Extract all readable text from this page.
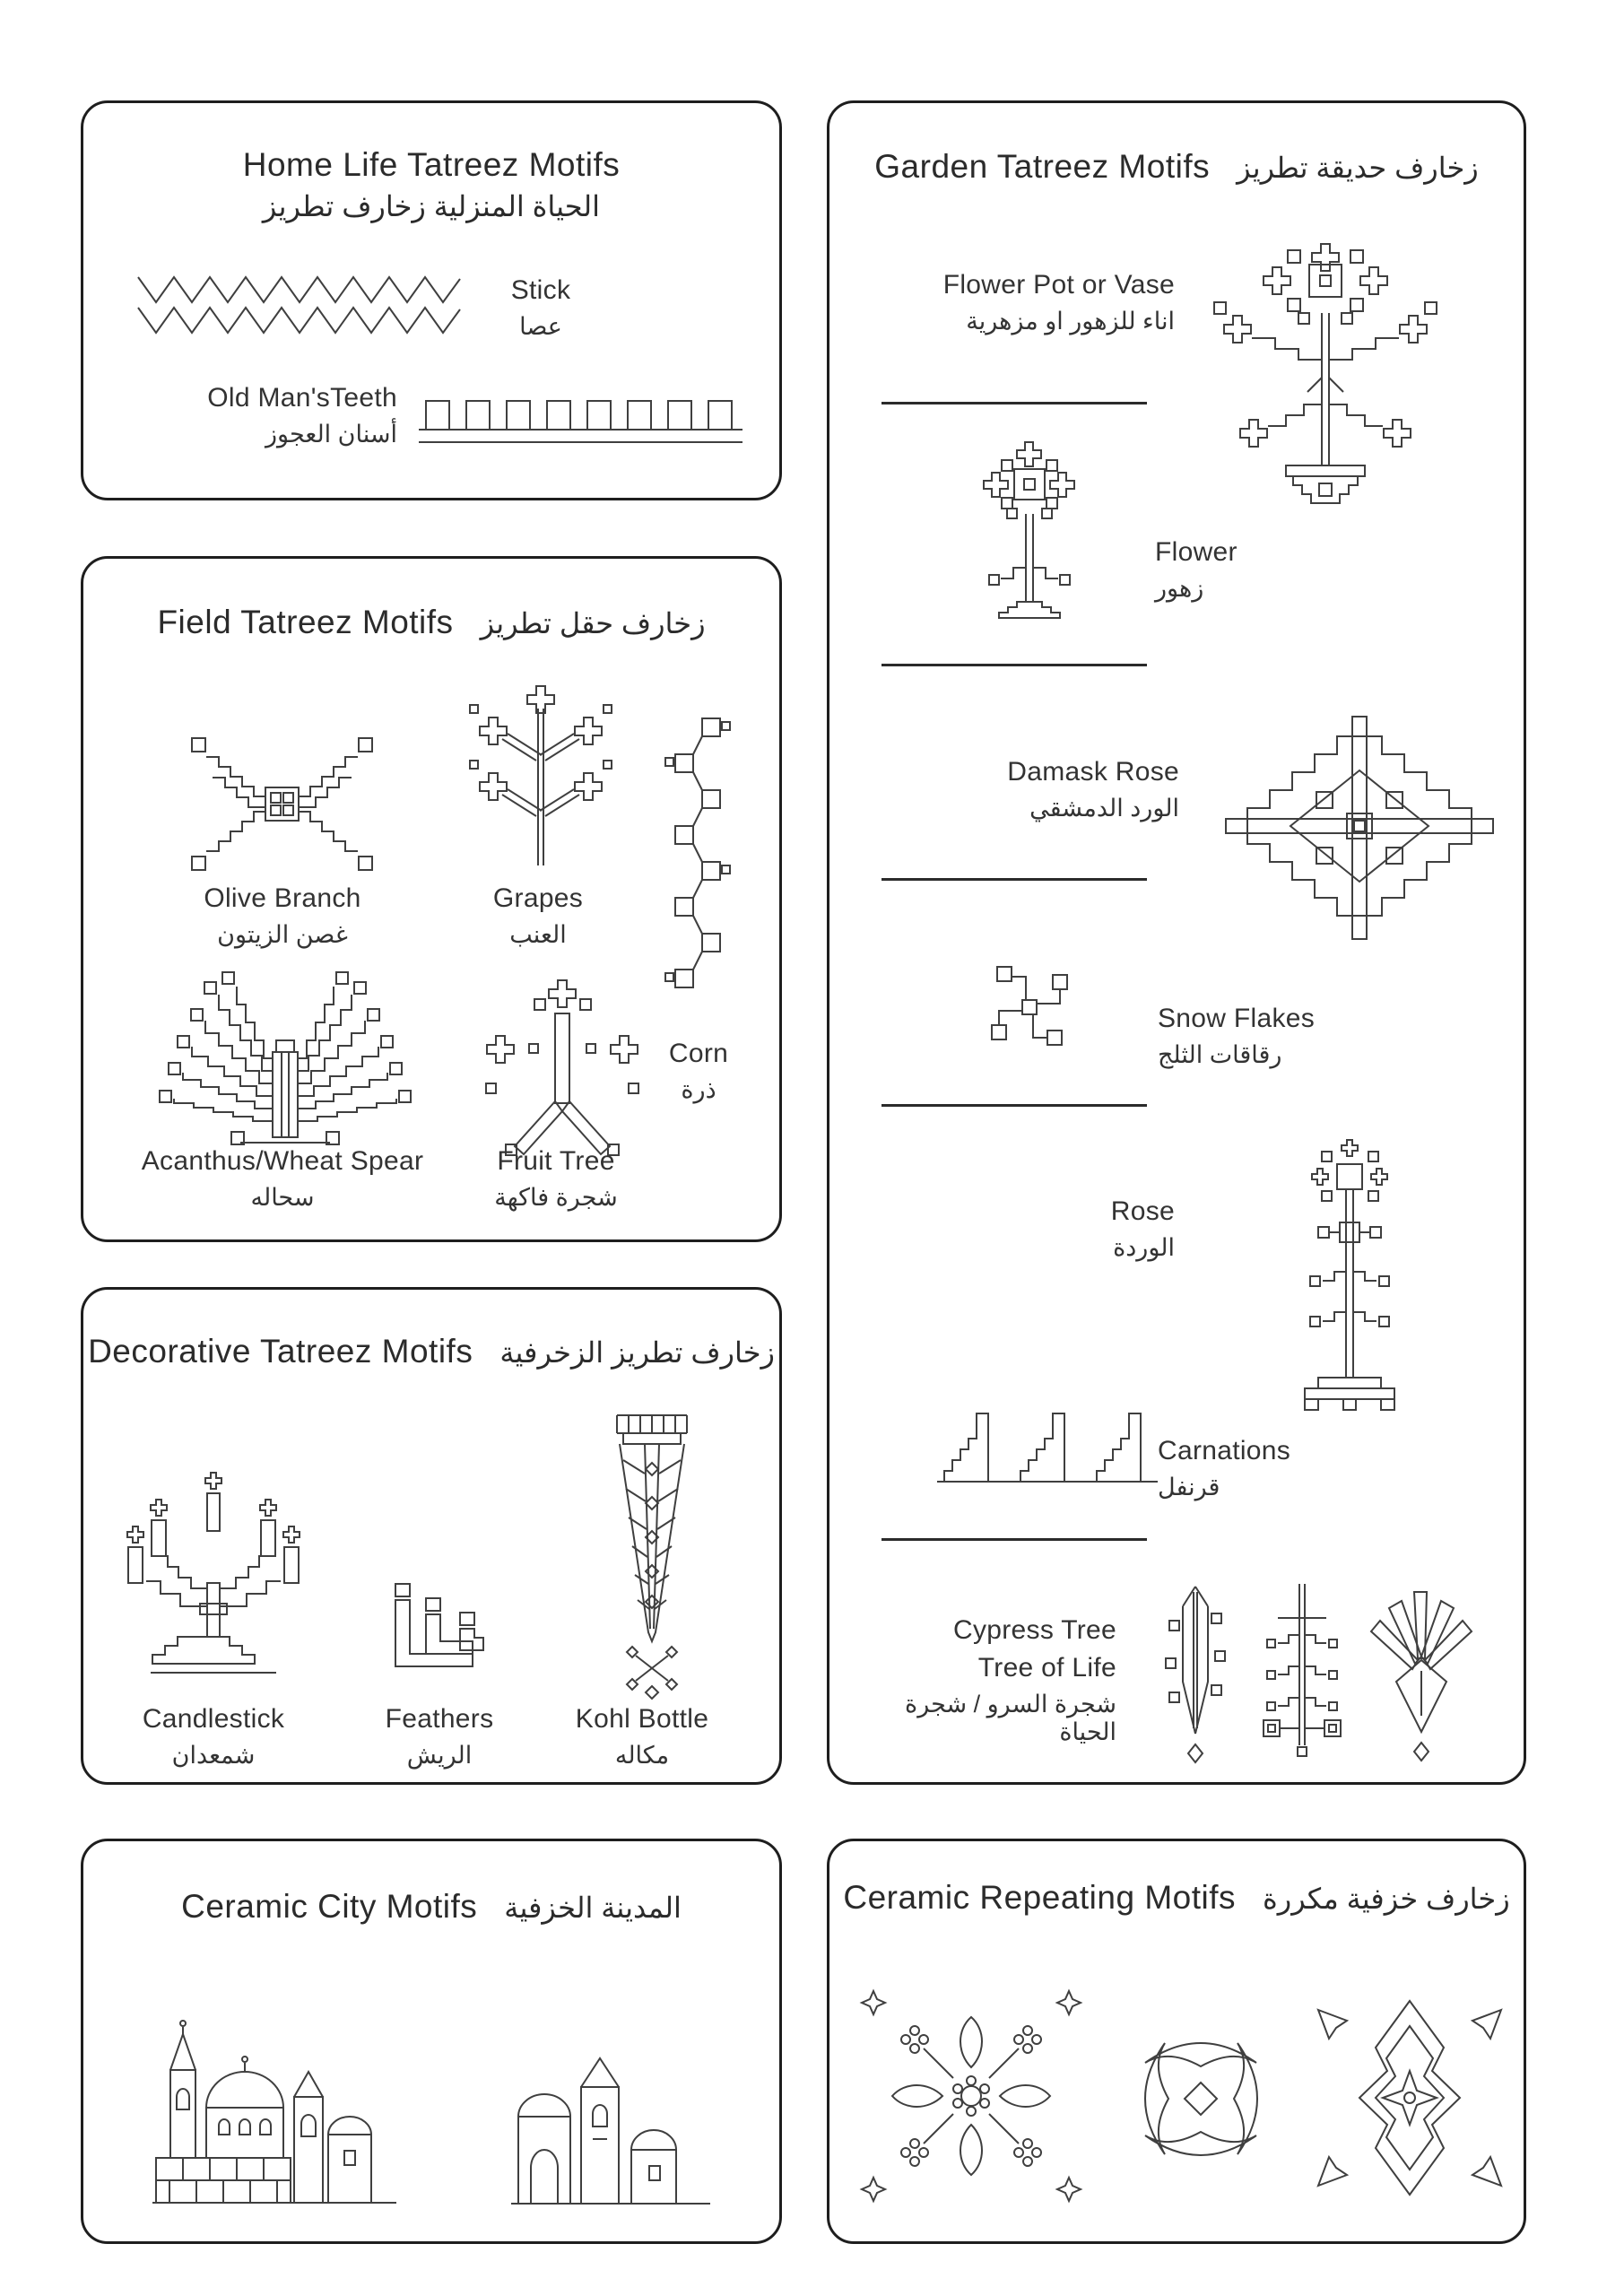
Home Life Tatreez Motifs
الحياة المنزلية زخارف تطريز
Stick
عصا
Old Man'sTeeth
أسنان العجوز
Field Tatreez Motifs زخارف حقل تطريز
Olive Branch
غصن الزيتون
Grapes
العنب
Corn
ذرة
Acanthus/Wheat Spear
سحاله
Fruit Tree
شجرة فاكهة
Decorative Tatreez Motifs زخارف تطريز الزخرفية
Candlestick
شمعدان
Feathers
الريش
Kohl Bottle
مكاله
Ceramic City Motifs المدينة الخزفية
Garden Tatreez Motifs زخارف حديقة تطريز
Flower Pot or Vase
اناء للزهور او مزهرية
Flower
زهور
Damask Rose
الورد الدمشقي
Snow Flakes
رقاقات الثلج
Rose
الوردة
Carnations
قرنفل
Cypress Tree
Tree of Life
شجرة السرو / شجرة الحياة
Ceramic Repeating Motifs زخارف خزفية مكررة
